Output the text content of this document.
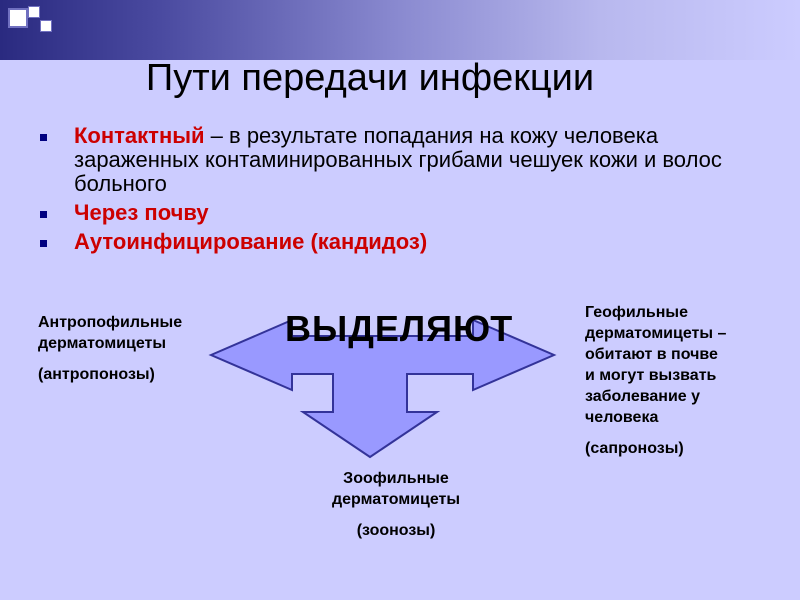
Пути передачи инфекции
Контактный – в результате попадания на кожу человека зараженных контаминированных грибами чешуек кожи и волос больного
Через почву
Аутоинфицирование (кандидоз)
ВЫДЕЛЯЮТ

Антропофильные

дерматомицеты

(антропонозы)

Геофильные

дерматомицеты –

обитают в почве

и могут вызвать

заболевание у

человека

(сапронозы)

Зоофильные

дерматомицеты

(зоонозы)
